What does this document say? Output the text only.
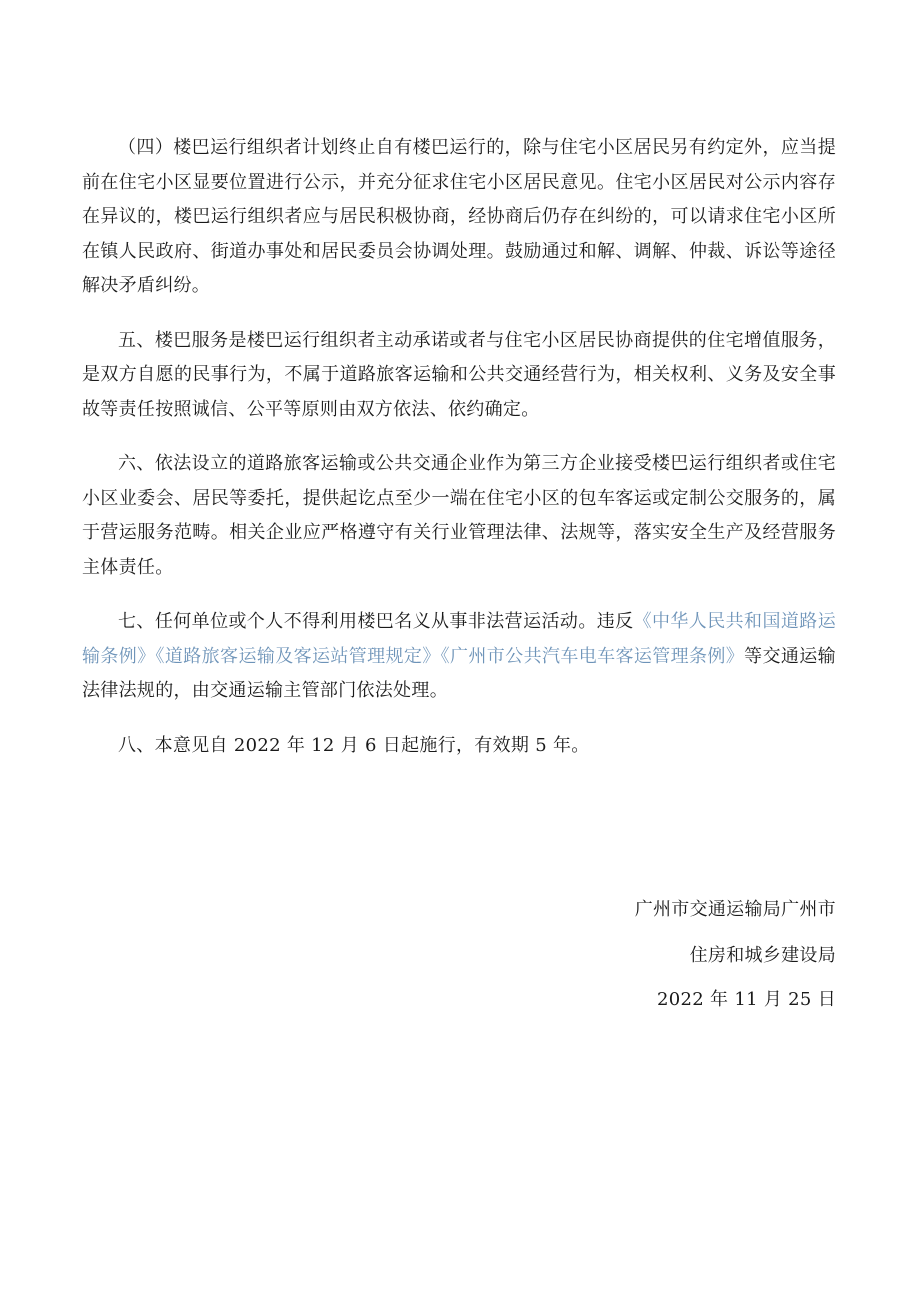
（四）楼巴运行组织者计划终止自有楼巴运行的，除与住宅小区居民另有约定外，应当提前在住宅小区显要位置进行公示，并充分征求住宅小区居民意见。住宅小区居民对公示内容存在异议的，楼巴运行组织者应与居民积极协商，经协商后仍存在纠纷的，可以请求住宅小区所在镇人民政府、街道办事处和居民委员会协调处理。鼓励通过和解、调解、仲裁、诉讼等途径解决矛盾纠纷。

五、楼巴服务是楼巴运行组织者主动承诺或者与住宅小区居民协商提供的住宅增值服务，是双方自愿的民事行为，不属于道路旅客运输和公共交通经营行为，相关权利、义务及安全事故等责任按照诚信、公平等原则由双方依法、依约确定。

六、依法设立的道路旅客运输或公共交通企业作为第三方企业接受楼巴运行组织者或住宅小区业委会、居民等委托，提供起讫点至少一端在住宅小区的包车客运或定制公交服务的，属于营运服务范畴。相关企业应严格遵守有关行业管理法律、法规等，落实安全生产及经营服务主体责任。

七、任何单位或个人不得利用楼巴名义从事非法营运活动。违反《中华人民共和国道路运输条例》《道路旅客运输及客运站管理规定》《广州市公共汽车电车客运管理条例》等交通运输法律法规的，由交通运输主管部门依法处理。

八、本意见自 2022 年 12 月 6 日起施行，有效期 5 年。

广州市交通运输局广州市
住房和城乡建设局
2022 年 11 月 25 日
